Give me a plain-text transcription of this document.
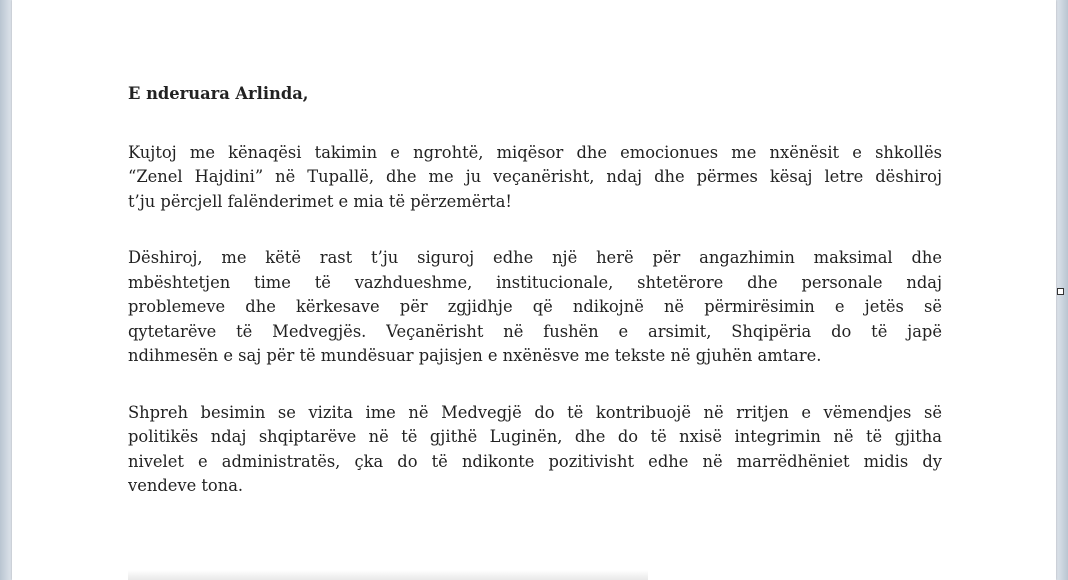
E nderuara Arlinda,

Kujtoj me kënaqësi takimin e ngrohtë, miqësor dhe emocionues me nxënësit e shkollës
“Zenel Hajdini” në Tupallë, dhe me ju veçanërisht, ndaj dhe përmes kësaj letre dëshiroj
t’ju përcjell falënderimet e mia të përzemërta!

Dëshiroj, me këtë rast t’ju siguroj edhe një herë për angazhimin maksimal dhe
mbështetjen time të vazhdueshme, institucionale, shtetërore dhe personale ndaj
problemeve dhe kërkesave për zgjidhje që ndikojnë në përmirësimin e jetës së
qytetarëve të Medvegjës. Veçanërisht në fushën e arsimit, Shqipëria do të japë
ndihmesën e saj për të mundësuar pajisjen e nxënësve me tekste në gjuhën amtare.

Shpreh besimin se vizita ime në Medvegjë do të kontribuojë në rritjen e vëmendjes së
politikës ndaj shqiptarëve në të gjithë Luginën, dhe do të nxisë integrimin në të gjitha
nivelet e administratës, çka do të ndikonte pozitivisht edhe në marrëdhëniet midis dy
vendeve tona.
